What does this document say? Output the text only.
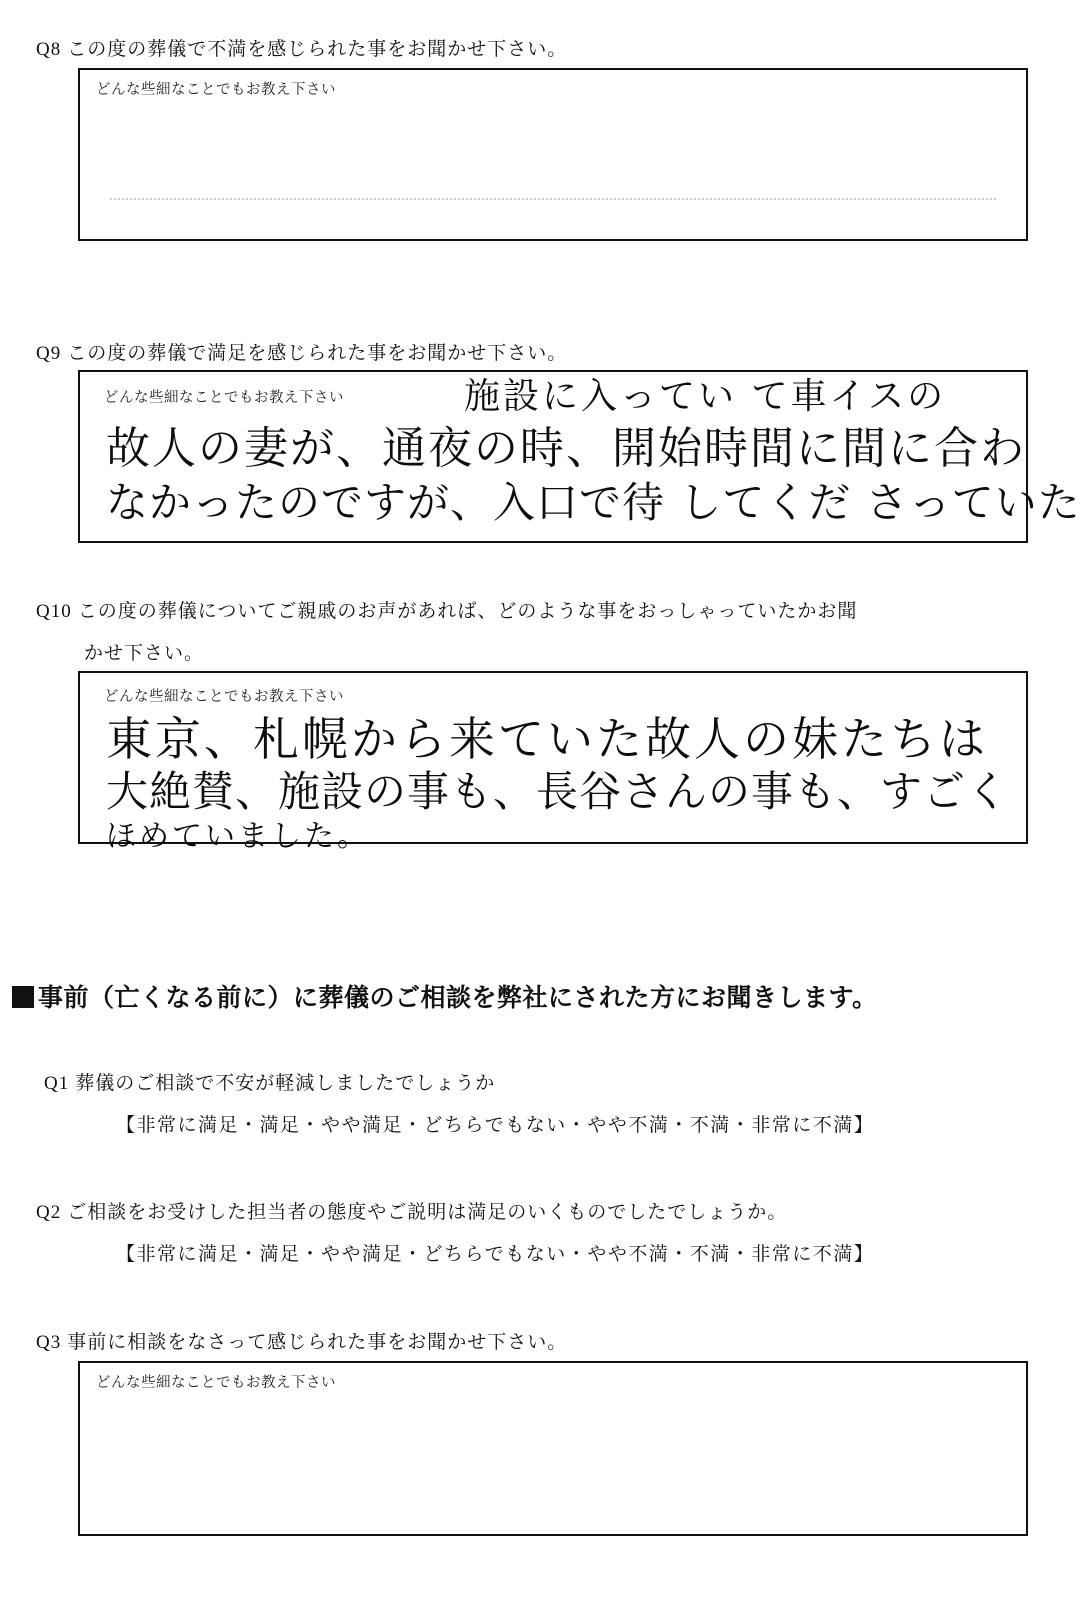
Q8 この度の葬儀で不満を感じられた事をお聞かせ下さい。
どんな些細なことでもお教え下さい
Q9 この度の葬儀で満足を感じられた事をお聞かせ下さい。
どんな些細なことでもお教え下さい	施設に入ってい て車イスの
故人の妻が、通夜の時、開始時間に間に合わ
なかったのですが、入口で待 してくだ さっていた
Q10 この度の葬儀についてご親戚のお声があれば、どのような事をおっしゃっていたかお聞
かせ下さい。
どんな些細なことでもお教え下さい
東京、札幌から来ていた故人の妹たちは
大絶賛、施設の事も、長谷さんの事も、すごく
ほめていました。
事前（亡くなる前に）に葬儀のご相談を弊社にされた方にお聞きします。
Q1 葬儀のご相談で不安が軽減しましたでしょうか
【非常に満足・満足・やや満足・どちらでもない・やや不満・不満・非常に不満】
Q2 ご相談をお受けした担当者の態度やご説明は満足のいくものでしたでしょうか。
【非常に満足・満足・やや満足・どちらでもない・やや不満・不満・非常に不満】
Q3 事前に相談をなさって感じられた事をお聞かせ下さい。
どんな些細なことでもお教え下さい
